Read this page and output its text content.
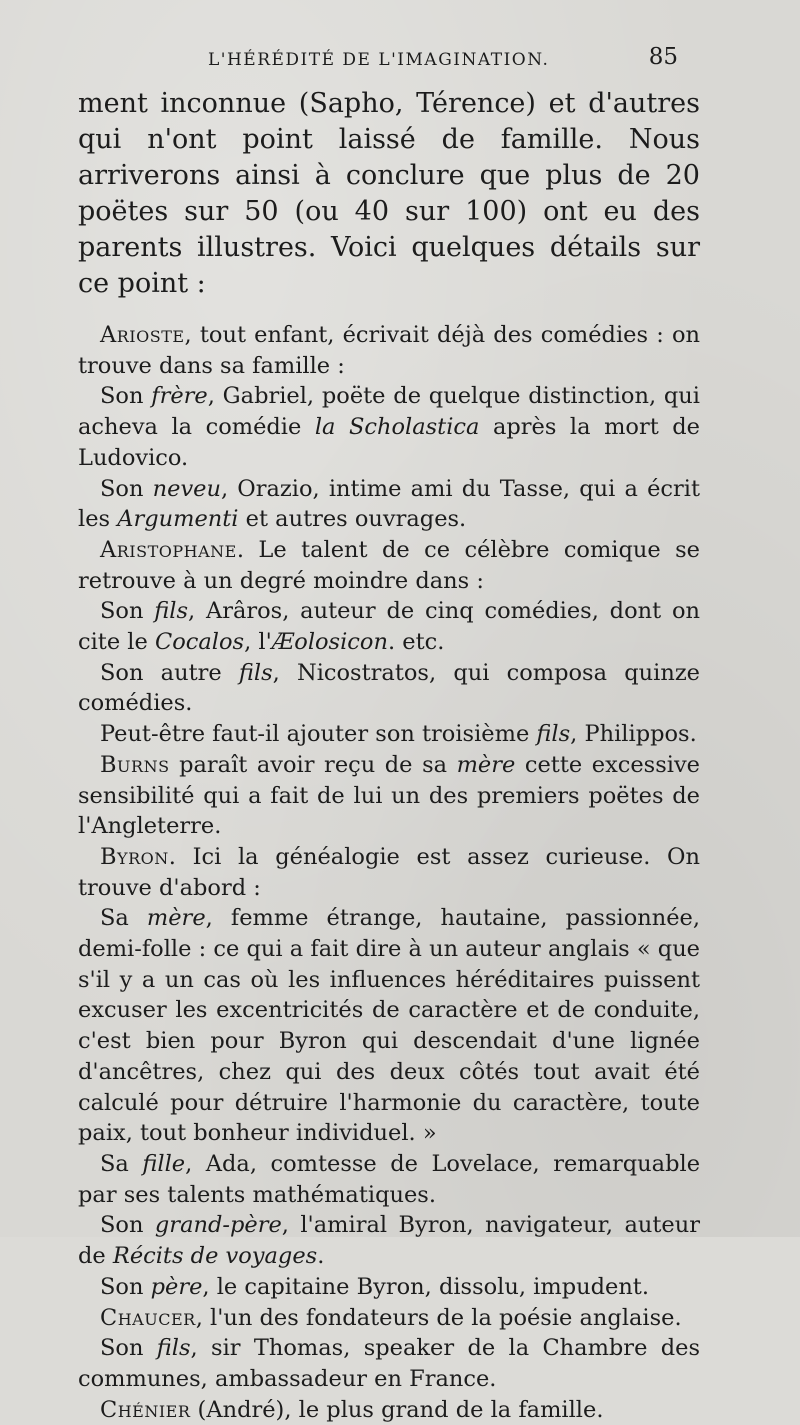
L'HÉRÉDITÉ DE L'IMAGINATION.	85

ment inconnue (Sapho, Térence) et d'autres qui n'ont point laissé de famille. Nous arriverons ainsi à conclure que plus de 20 poëtes sur 50 (ou 40 sur 100) ont eu des parents illustres. Voici quelques détails sur ce point :

Arioste, tout enfant, écrivait déjà des comédies : on trouve dans sa famille :

Son frère, Gabriel, poëte de quelque distinction, qui acheva la comédie la Scholastica après la mort de Ludovico.

Son neveu, Orazio, intime ami du Tasse, qui a écrit les Argumenti et autres ouvrages.

Aristophane. Le talent de ce célèbre comique se retrouve à un degré moindre dans :

Son fils, Arâros, auteur de cinq comédies, dont on cite le Cocalos, l'Æolosicon. etc.

Son autre fils, Nicostratos, qui composa quinze comédies.

Peut-être faut-il ajouter son troisième fils, Philippos.

Burns paraît avoir reçu de sa mère cette excessive sensibilité qui a fait de lui un des premiers poëtes de l'Angleterre.

Byron. Ici la généalogie est assez curieuse. On trouve d'abord :

Sa mère, femme étrange, hautaine, passionnée, demi-folle : ce qui a fait dire à un auteur anglais « que s'il y a un cas où les influences héréditaires puissent excuser les excentricités de caractère et de conduite, c'est bien pour Byron qui descendait d'une lignée d'ancêtres, chez qui des deux côtés tout avait été calculé pour détruire l'harmonie du caractère, toute paix, tout bonheur individuel. »

Sa fille, Ada, comtesse de Lovelace, remarquable par ses talents mathématiques.

Son grand-père, l'amiral Byron, navigateur, auteur de Récits de voyages.

Son père, le capitaine Byron, dissolu, impudent.

Chaucer, l'un des fondateurs de la poésie anglaise.

Son fils, sir Thomas, speaker de la Chambre des communes, ambassadeur en France.

Chénier (André), le plus grand de la famille.
